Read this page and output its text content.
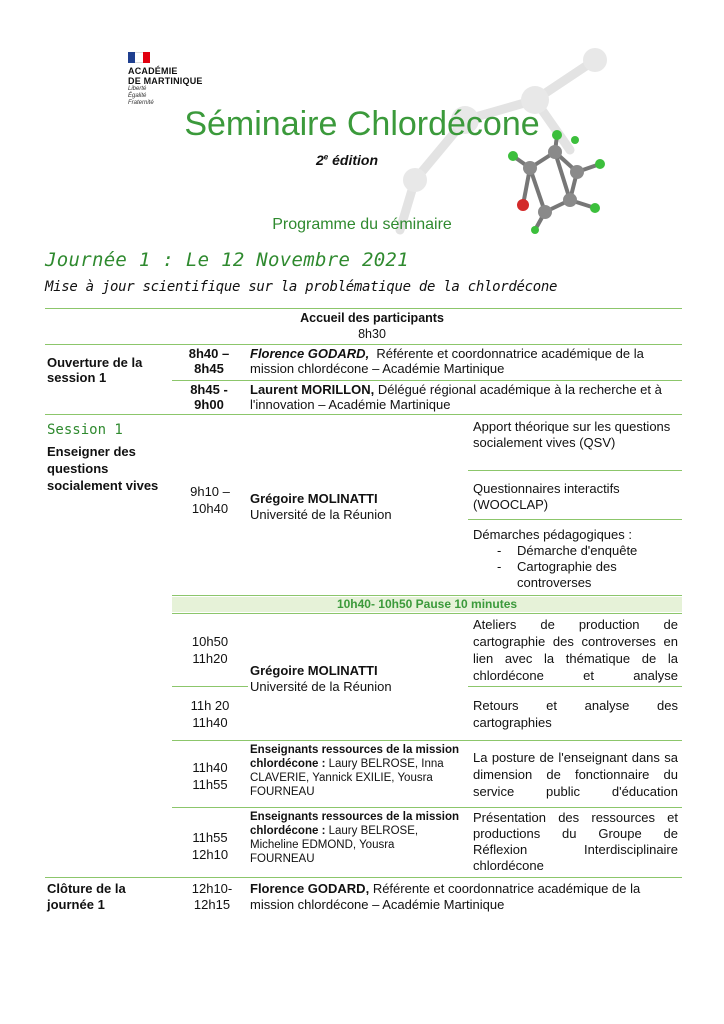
ACADÉMIE
DE MARTINIQUE
Liberté
Égalité
Fraternité
Séminaire Chlordécone
2e édition
Programme du séminaire
Journée 1 : Le 12 Novembre 2021
Mise à jour scientifique sur la problématique de la chlordécone
Accueil des participants
8h30
Ouverture de la session 1
8h40 – 8h45
Florence GODARD, Référente et coordonnatrice académique de la mission chlordécone – Académie Martinique
8h45 - 9h00
Laurent MORILLON, Délégué régional académique à la recherche et à l'innovation – Académie Martinique
Session 1
Enseigner des questions socialement vives	9h10 – 10h40
Grégoire MOLINATTI
Université de la Réunion
Apport théorique sur les questions socialement vives (QSV)
Questionnaires interactifs (WOOCLAP)
Démarches pédagogiques :
- Démarche d'enquête
- Cartographie des controverses
10h40- 10h50 Pause 10 minutes
10h50 11h20
11h 20 11h40
Grégoire MOLINATTI
Université de la Réunion
Ateliers de production de cartographie des controverses en lien avec la thématique de la chlordécone et analyse
Retours et analyse des cartographies
11h40 11h55
Enseignants ressources de la mission chlordécone : Laury BELROSE, Inna CLAVERIE, Yannick EXILIE, Yousra FOURNEAU
La posture de l'enseignant dans sa dimension de fonctionnaire du service public d'éducation
11h55 12h10
Enseignants ressources de la mission chlordécone : Laury BELROSE, Micheline EDMOND, Yousra FOURNEAU
Présentation des ressources et productions du Groupe de Réflexion Interdisciplinaire chlordécone
Clôture de la journée 1
12h10- 12h15
Florence GODARD, Référente et coordonnatrice académique de la mission chlordécone – Académie Martinique
